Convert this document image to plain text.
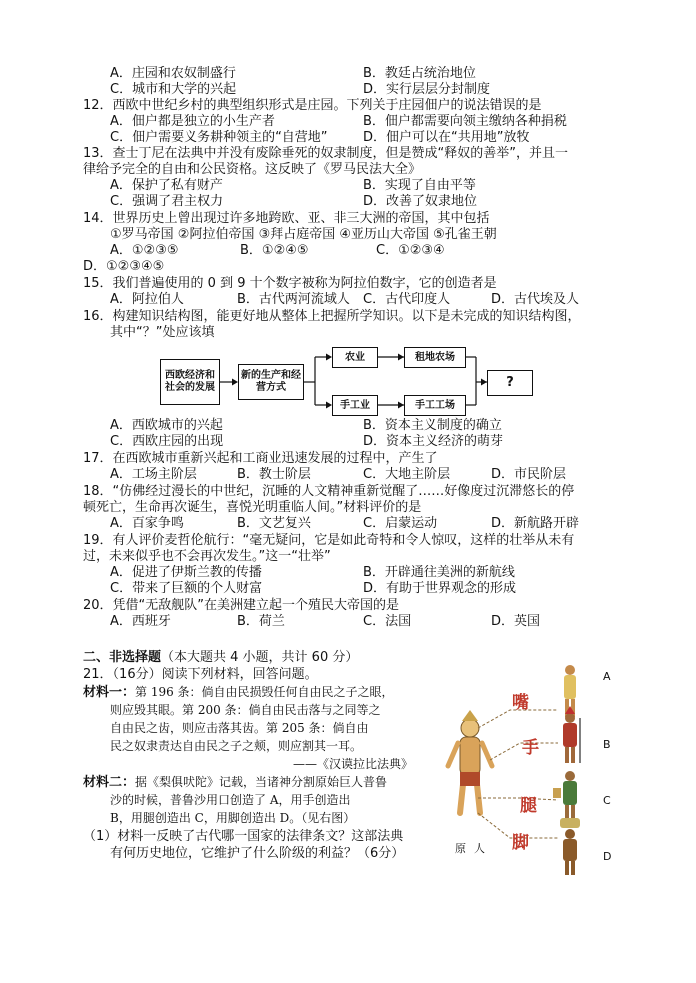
A．庄园和农奴制盛行	B．教廷占统治地位
C．城市和大学的兴起	D．实行层层分封制度
12．西欧中世纪乡村的典型组织形式是庄园。下列关于庄园佃户的说法错误的是
A．佃户都是独立的小生产者	B．佃户都需要向领主缴纳各种捐税
C．佃户需要义务耕种领主的“自营地”	D．佃户可以在“共用地”放牧
13．查士丁尼在法典中并没有废除垂死的奴隶制度，但是赞成“释奴的善举”，并且一
律给予完全的自由和公民资格。这反映了《罗马民法大全》
A．保护了私有财产	B．实现了自由平等
C．强调了君主权力	D．改善了奴隶地位
14．世界历史上曾出现过许多地跨欧、亚、非三大洲的帝国，其中包括
①罗马帝国 ②阿拉伯帝国 ③拜占庭帝国 ④亚历山大帝国 ⑤孔雀王朝
A．①②③⑤	B．①②④⑤	C．①②③④
D．①②③④⑤
15．我们普遍使用的 0 到 9 十个数字被称为阿拉伯数字，它的创造者是
A．阿拉伯人	B．古代两河流域人 C．古代印度人	D．古代埃及人
16．构建知识结构图，能更好地从整体上把握所学知识。以下是未完成的知识结构图，
其中“？”处应该填
西欧经济和社会的发展
新的生产和经营方式
农业	租地农场
手工业	手工工场
?
A．西欧城市的兴起	B．资本主义制度的确立
C．西欧庄园的出现	D．资本主义经济的萌芽
17．在西欧城市重新兴起和工商业迅速发展的过程中，产生了
A．工场主阶层	B．教士阶层	C．大地主阶层	D．市民阶层
18．“仿佛经过漫长的中世纪，沉睡的人文精神重新觉醒了……好像度过沉滞悠长的停
顿死亡，生命再次诞生，喜悦光明重临人间。”材料评价的是
A．百家争鸣	B．文艺复兴	C．启蒙运动	D．新航路开辟
19．有人评价麦哲伦航行：“毫无疑问，它是如此奇特和令人惊叹，这样的壮举从未有
过，未来似乎也不会再次发生。”这一“壮举”
A．促进了伊斯兰教的传播	B．开辟通往美洲的新航线
C．带来了巨额的个人财富	D．有助于世界观念的形成
20．凭借“无敌舰队”在美洲建立起一个殖民大帝国的是
A．西班牙	B．荷兰	C．法国	D．英国
二、非选择题（本大题共 4 小题，共计 60 分）
21．（16分）阅读下列材料，回答问题。
材料一：第 196 条：倘自由民损毁任何自由民之子之眼，
则应毁其眼。第 200 条：倘自由民击落与之同等之
自由民之齿，则应击落其齿。第 205 条：倘自由
民之奴隶责达自由民之子之颊，则应割其一耳。
——《汉谟拉比法典》
材料二：据《梨俱吠陀》记载，当诸神分割原始巨人普鲁
沙的时候，普鲁沙用口创造了 A，用手创造出
B，用腿创造出 C，用脚创造出 D。（见右图）
（1）材料一反映了古代哪一国家的法律条文？这部法典
有何历史地位，它维护了什么阶级的利益？（6分）
嘴
手
腿
脚
原人
A
B
C
D
